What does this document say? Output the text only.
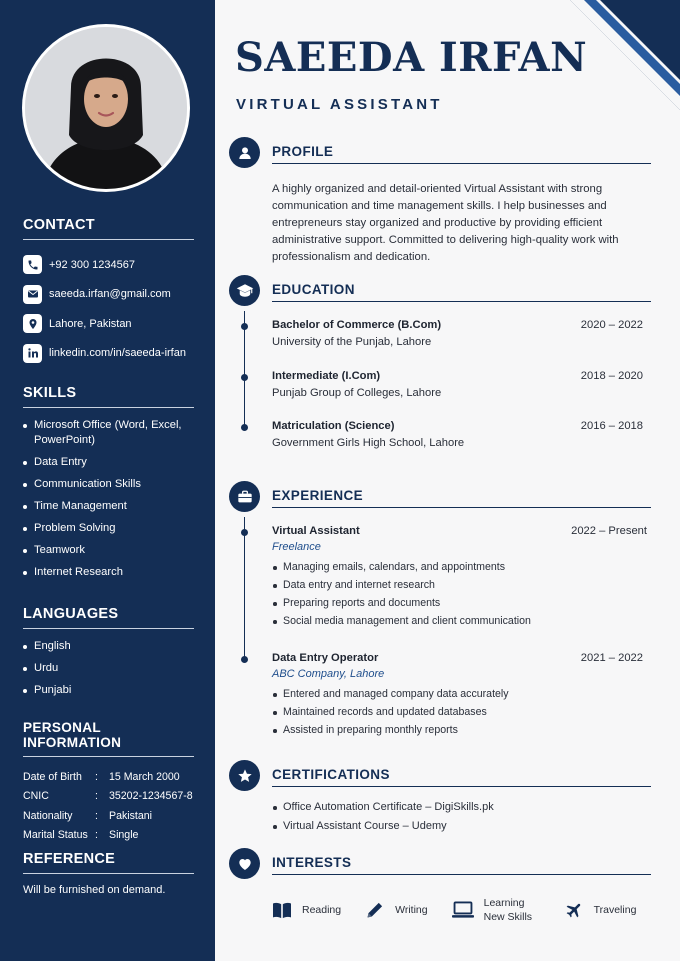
CONTACT
+92 300 1234567
saeeda.irfan@gmail.com
Lahore, Pakistan
linkedin.com/in/saeeda-irfan
SKILLS
Microsoft Office (Word, Excel, PowerPoint)
Data Entry
Communication Skills
Time Management
Problem Solving
Teamwork
Internet Research
LANGUAGES
English
Urdu
Punjabi
PERSONAL INFORMATION
Date of Birth	:	15 March 2000
CNIC	:	35202-1234567-8
Nationality	:	Pakistani
Marital Status :	Single
REFERENCE
Will be furnished on demand.
SAEEDA IRFAN
VIRTUAL ASSISTANT
PROFILE

A highly organized and detail-oriented Virtual Assistant with strong communication and time management skills. I help businesses and entrepreneurs stay organized and productive by providing efficient administrative support. Committed to delivering high-quality work with professionalism and dedication.

EDUCATION
Bachelor of Commerce (B.Com)	2020 – 2022
University of the Punjab, Lahore
Intermediate (I.Com)	2018 – 2020
Punjab Group of Colleges, Lahore
Matriculation (Science)	2016 – 2018
Government Girls High School, Lahore
EXPERIENCE
Virtual Assistant	2022 – Present
Freelance
Managing emails, calendars, and appointments
Data entry and internet research
Preparing reports and documents
Social media management and client communication
Data Entry Operator	2021 – 2022
ABC Company, Lahore
Entered and managed company data accurately
Maintained records and updated databases
Assisted in preparing monthly reports
CERTIFICATIONS
Office Automation Certificate – DigiSkills.pk
Virtual Assistant Course – Udemy
INTERESTS
Reading	Writing
Learning New Skills
Traveling
